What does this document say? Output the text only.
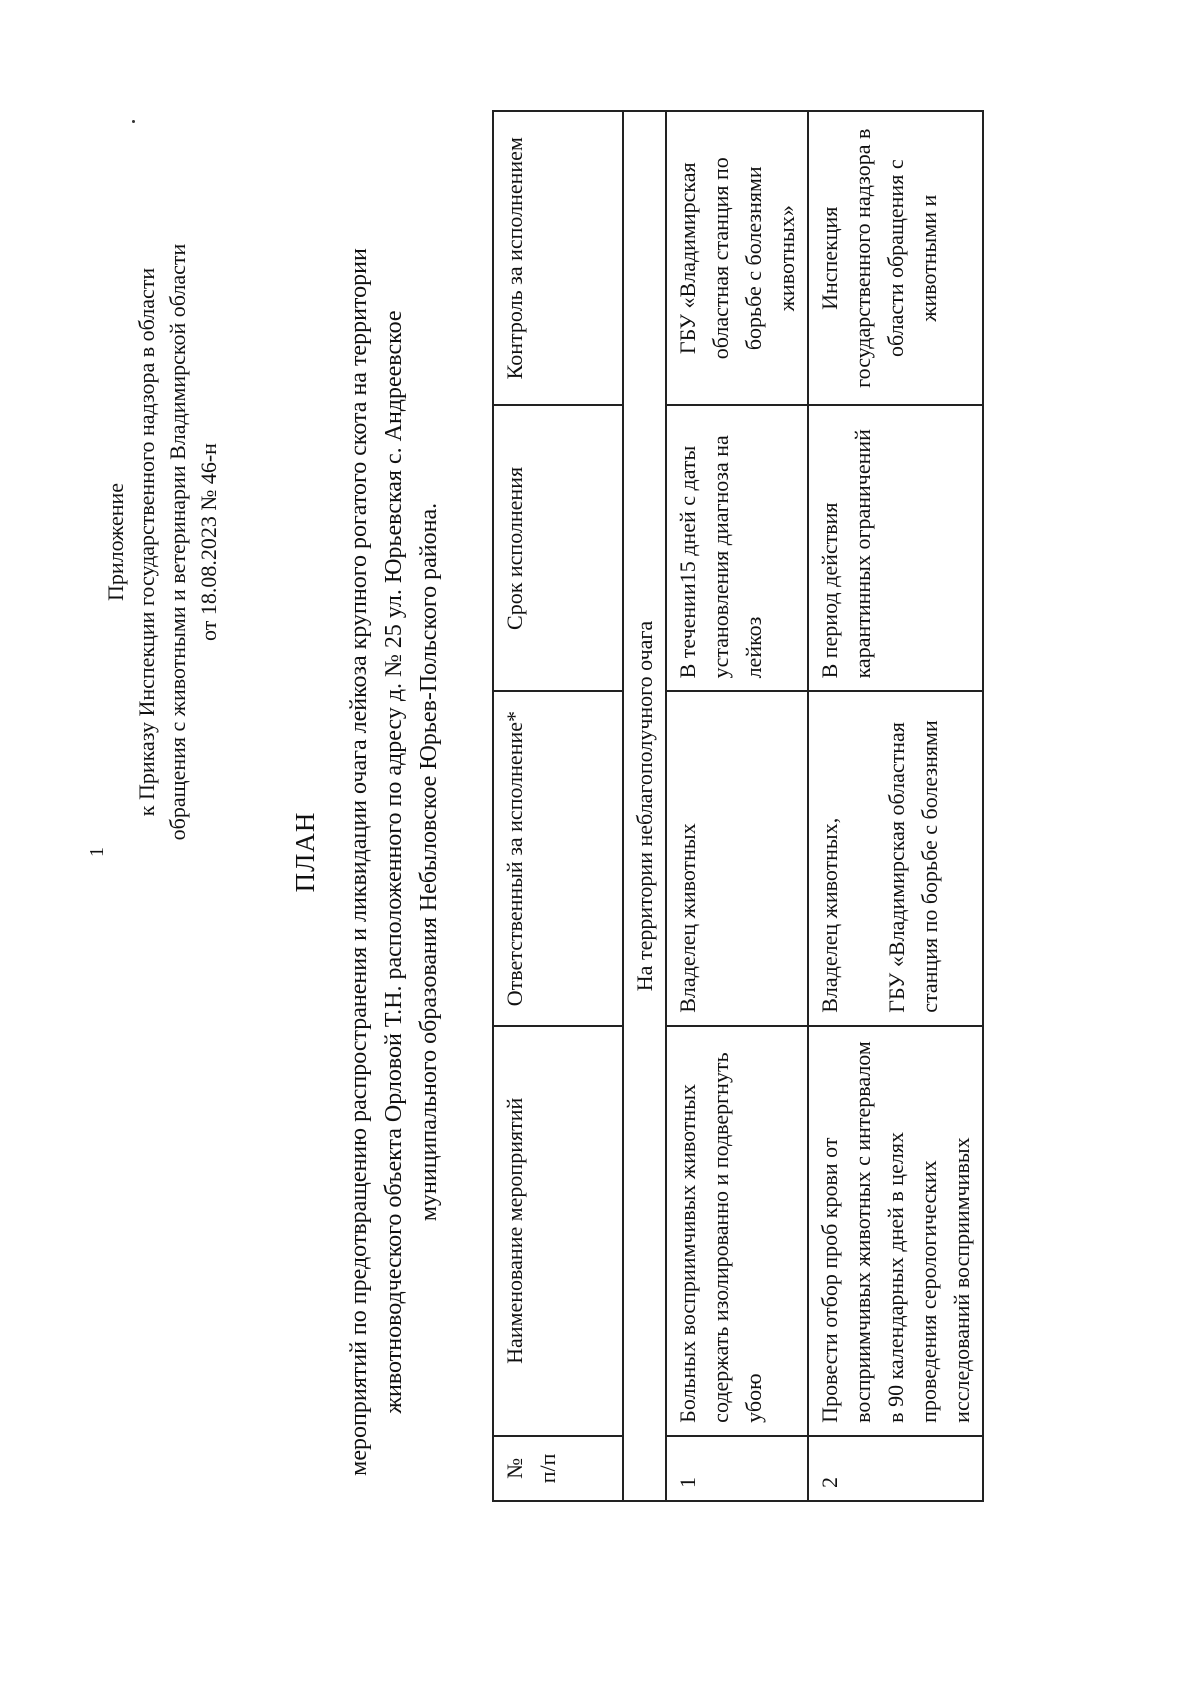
1
Приложение к Приказу Инспекции государственного надзора в области обращения с животными и ветеринарии Владимирской области от 18.08.2023 № 46-н
ПЛАН мероприятий по предотвращению распространения и ликвидации очага лейкоза крупного рогатого скота на территории животноводческого объекта Орловой Т.Н. расположенного по адресу д. № 25 ул. Юрьевская с. Андреевское муниципального образования Небыловское Юрьев-Польского района.
№ п/п	Наименование мероприятий	Ответственный за исполнение*	Срок исполнения	Контроль за исполнением
На территории неблагополучного очага				
1	Больных восприимчивых животных содержать изолированно и подвергнуть убою	Владелец животных	В течении15 дней с даты установления диагноза на лейкоз	ГБУ «Владимирская областная станция по борьбе с болезнями животных»
2	Провести отбор проб крови от восприимчивых животных с интервалом в 90 календарных дней в целях проведения серологических исследований восприимчивых	Владелец животных, ГБУ «Владимирская областная станция по борьбе с болезнями	В период действия карантинных ограничений	Инспекция государственного надзора в области обращения с животными и
